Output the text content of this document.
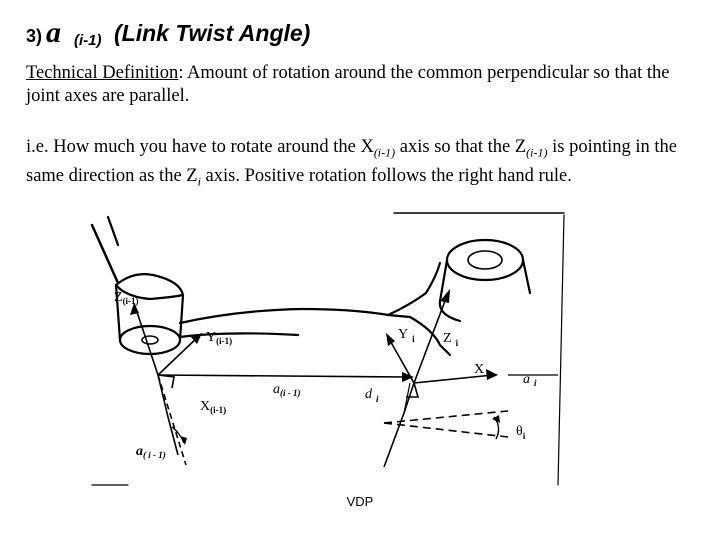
3) a (i-1) (Link Twist Angle)
Technical Definition: Amount of rotation around the common perpendicular so that the joint axes are parallel.
i.e. How much you have to rotate around the $X_{(i-1)}$ axis so that the $Z_{(i-1)}$ is pointing in the same direction as the $Z_i$ axis. Positive rotation follows the right hand rule.
$Z_{(i-1)}$
$Y_{(i-1)}$	Y $_i$ Z $_i$
X $_i$ a $_i$
$a_{(i - 1)}$	d $_i$
$X_{(i-1)}$
$\theta_i$
$a_{( i - 1)}$
VDP
